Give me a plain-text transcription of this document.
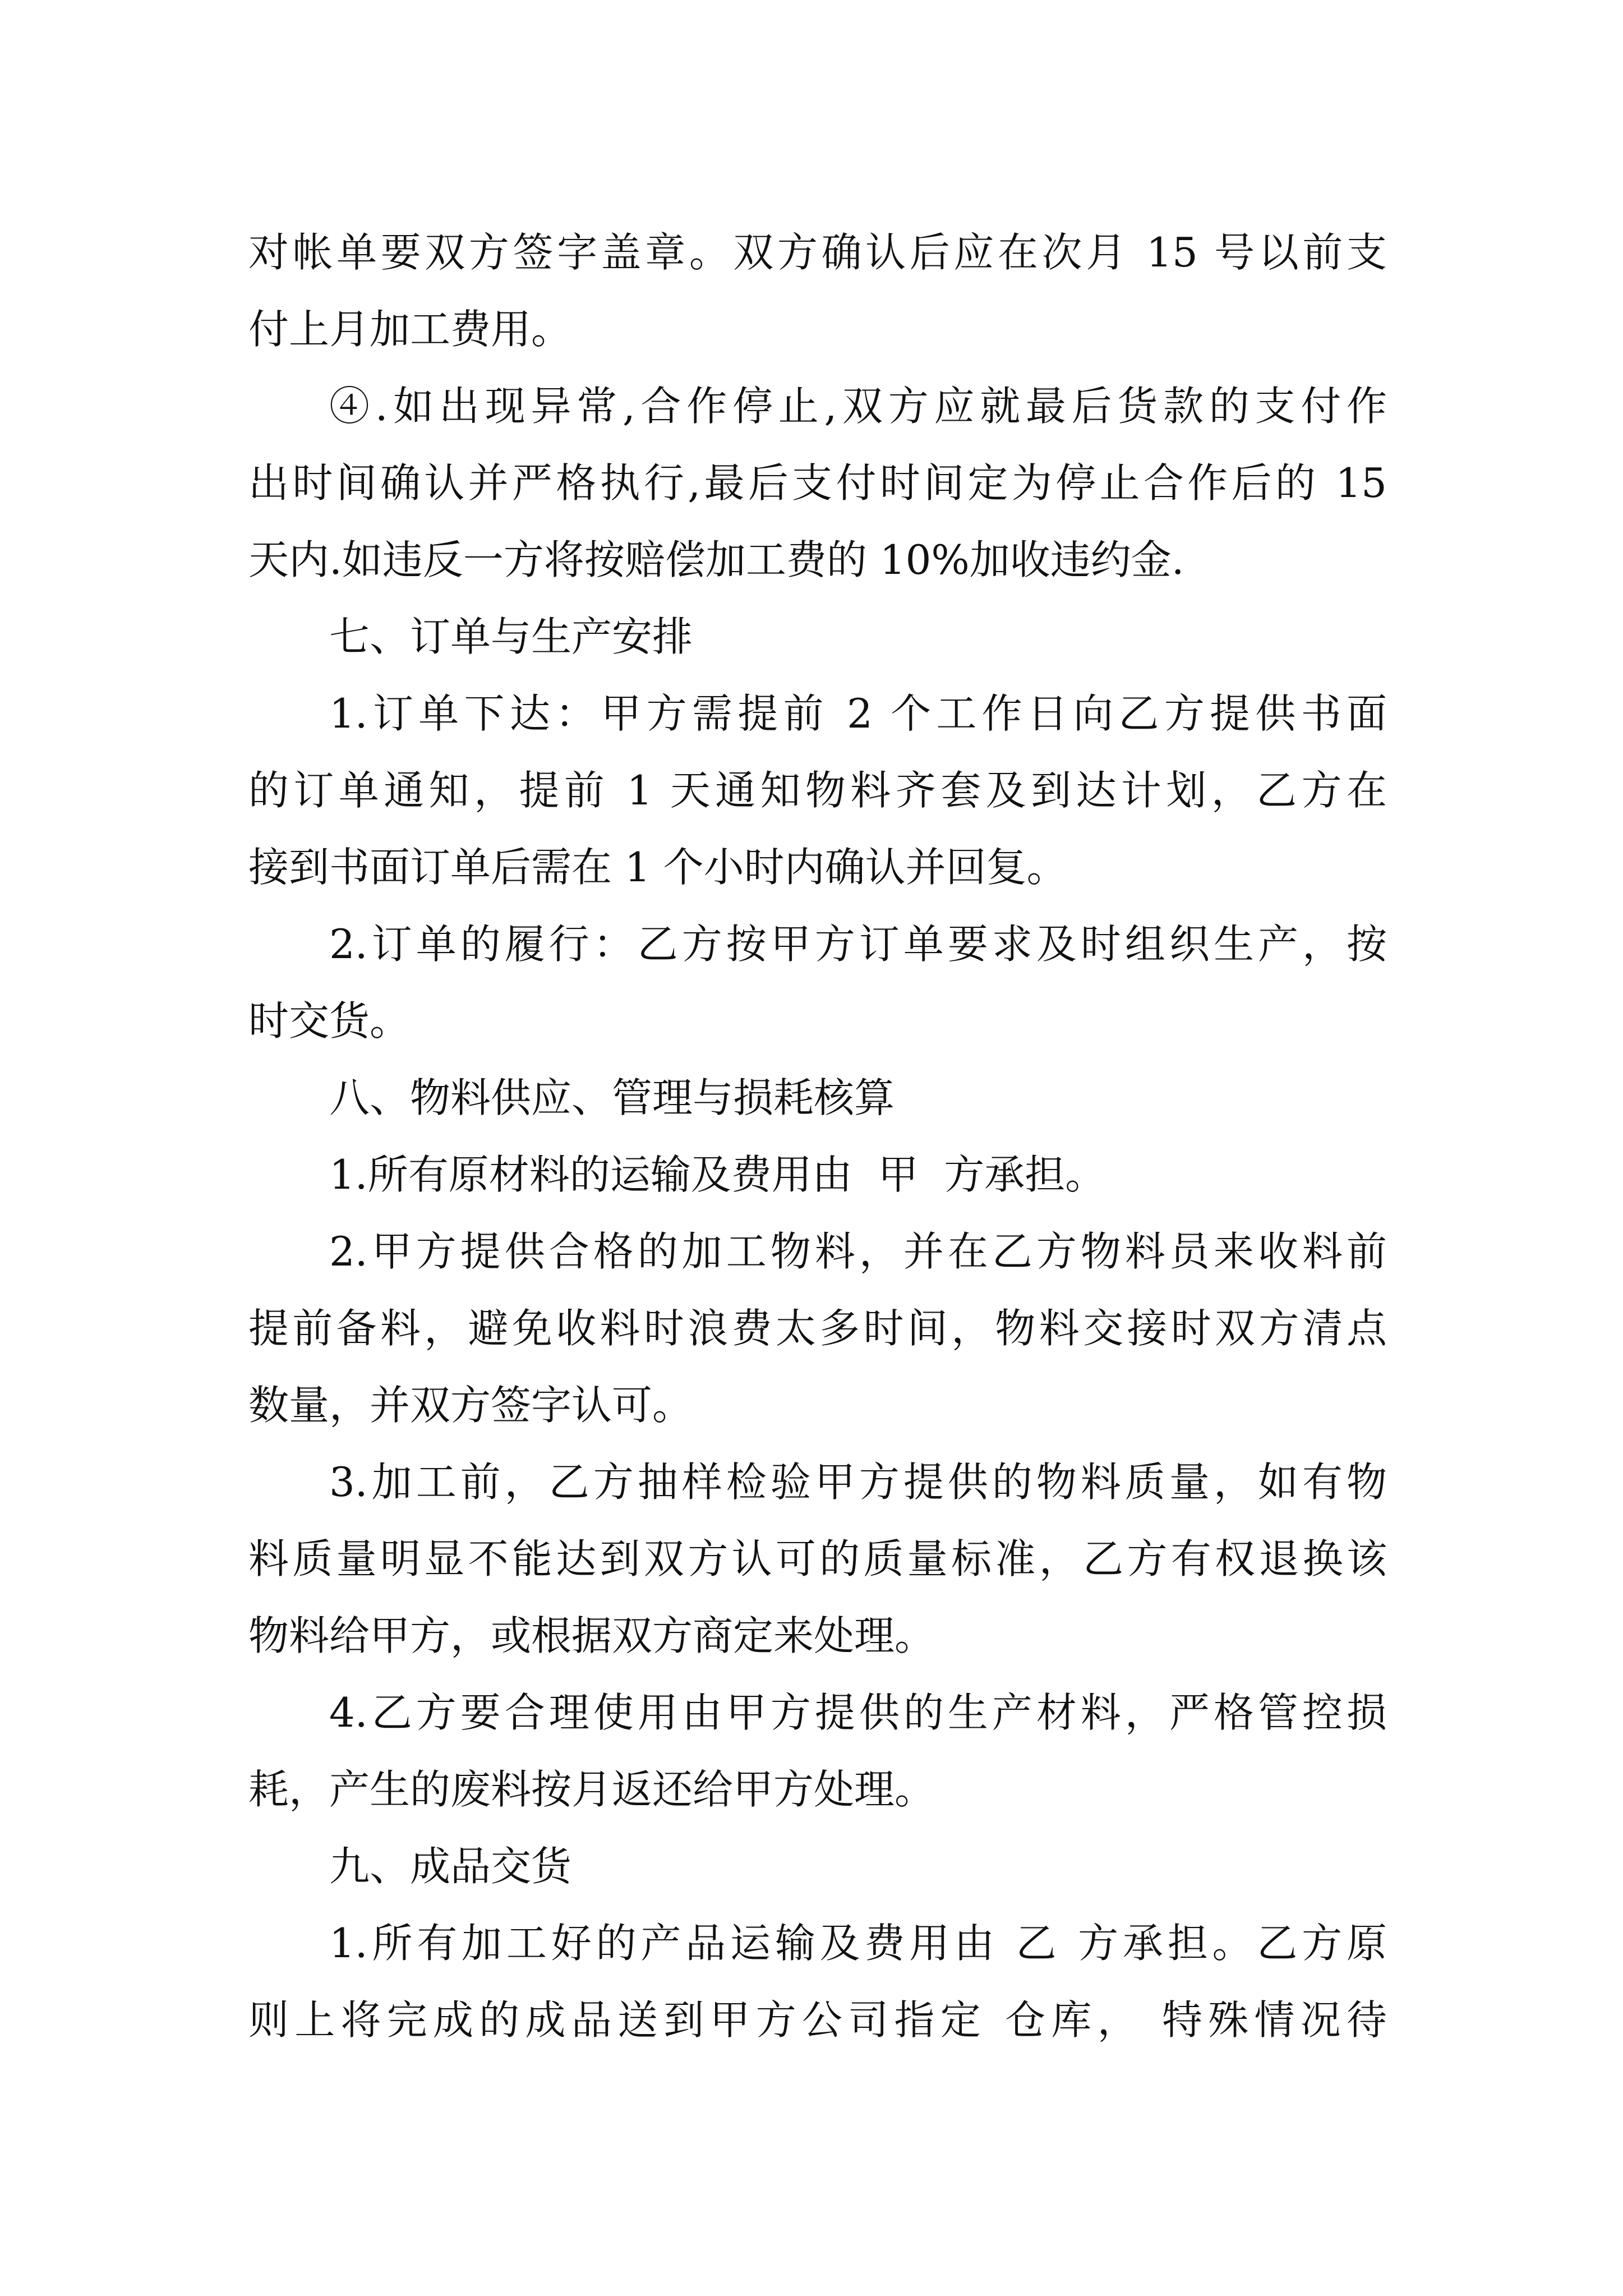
对帐单要双方签字盖章。双方确认后应在次月 15 号以前支
付上月加工费用。
④.如出现异常,合作停止,双方应就最后货款的支付作
出时间确认并严格执行,最后支付时间定为停止合作后的 15
天内.如违反一方将按赔偿加工费的 10%加收违约金.
七、订单与生产安排
1.订单下达：甲方需提前 2 个工作日向乙方提供书面
的订单通知，提前 1 天通知物料齐套及到达计划，乙方在
接到书面订单后需在 1 个小时内确认并回复。
2.订单的履行：乙方按甲方订单要求及时组织生产，按
时交货。
八、物料供应、管理与损耗核算
1.所有原材料的运输及费用由  甲  方承担。
2.甲方提供合格的加工物料，并在乙方物料员来收料前
提前备料，避免收料时浪费太多时间，物料交接时双方清点
数量，并双方签字认可。
3.加工前，乙方抽样检验甲方提供的物料质量，如有物
料质量明显不能达到双方认可的质量标准，乙方有权退换该
物料给甲方，或根据双方商定来处理。
4.乙方要合理使用由甲方提供的生产材料，严格管控损
耗，产生的废料按月返还给甲方处理。
九、成品交货
1.所有加工好的产品运输及费用由 乙 方承担。乙方原
则上将完成的成品送到甲方公司指定 仓库， 特殊情况待
